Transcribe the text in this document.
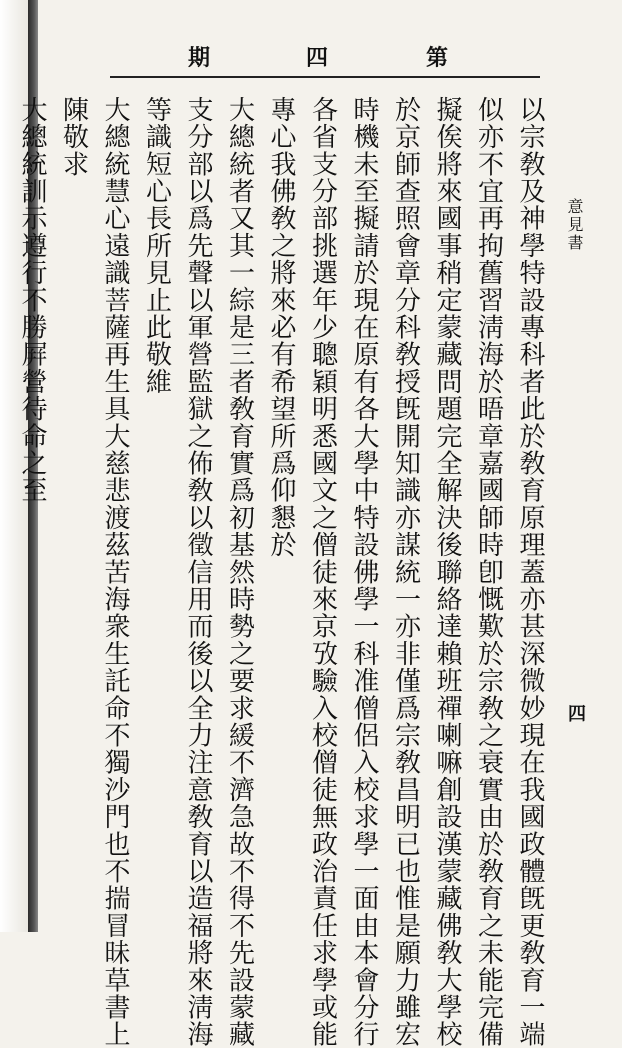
第
四
期
意見書
四
以宗敎及神學特設專科者此於敎育原理蓋亦甚深微妙現在我國政體旣更敎育一端
似亦不宜再拘舊習淸海於晤章嘉國師時卽慨歎於宗敎之衰實由於敎育之未能完備
擬俟將來國事稍定蒙藏問題完全解決後聯絡達賴班禪喇嘛創設漢蒙藏佛敎大學校
於京師查照會章分科敎授旣開知識亦謀統一亦非僅爲宗敎昌明已也惟是願力雖宏
時機未至擬請於現在原有各大學中特設佛學一科准僧侶入校求學一面由本會分行
各省支分部挑選年少聰穎明悉國文之僧徒來京攷驗入校僧徒無政治責任求學或能
專心我佛敎之將來必有希望所爲仰懇於
大總統者又其一綜是三者敎育實爲初基然時勢之要求緩不濟急故不得不先設蒙藏
支分部以爲先聲以軍營監獄之佈敎以徵信用而後以全力注意敎育以造福將來淸海
等識短心長所見止此敬維
大總統慧心遠識菩薩再生具大慈悲渡茲苦海衆生託命不獨沙門也不揣冒昧草書上
陳敬求
大總統訓示遵行不勝屛營待命之至
